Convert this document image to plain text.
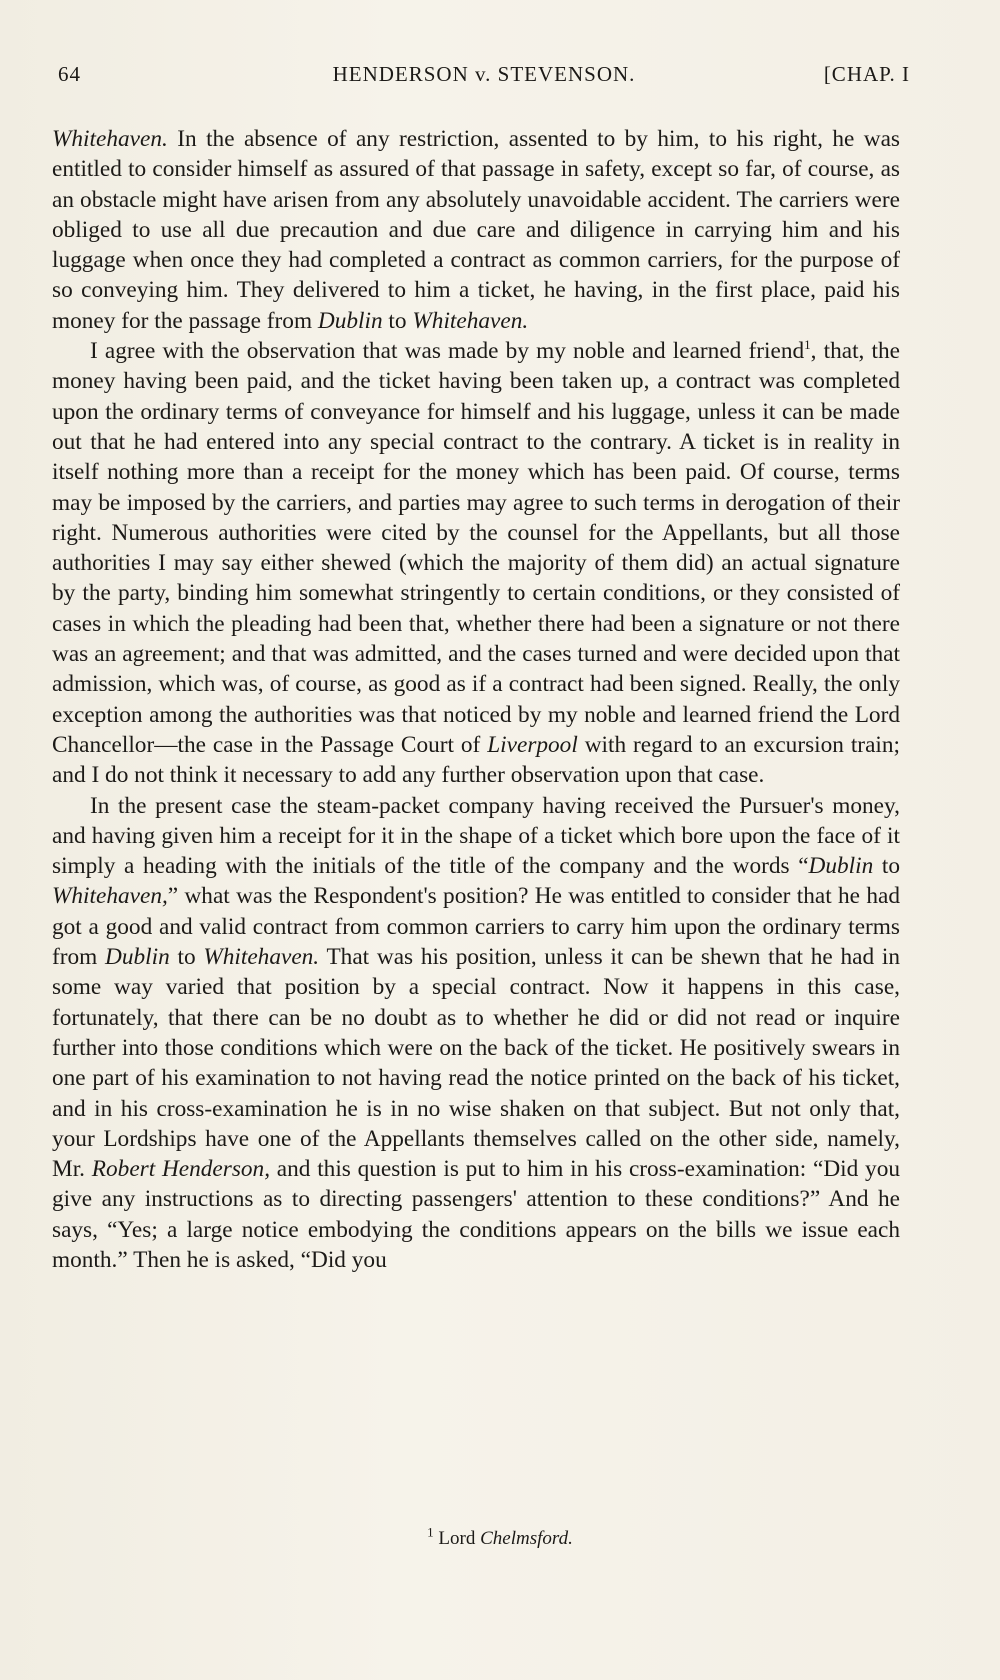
64	HENDERSON v. STEVENSON.	[CHAP. I

Whitehaven. In the absence of any restriction, assented to by him, to his right, he was entitled to consider himself as assured of that passage in safety, except so far, of course, as an obstacle might have arisen from any absolutely unavoidable accident. The carriers were obliged to use all due precaution and due care and diligence in carrying him and his luggage when once they had completed a contract as common carriers, for the purpose of so conveying him. They delivered to him a ticket, he having, in the first place, paid his money for the passage from Dublin to Whitehaven.

I agree with the observation that was made by my noble and learned friend$^1$, that, the money having been paid, and the ticket having been taken up, a contract was completed upon the ordinary terms of conveyance for himself and his luggage, unless it can be made out that he had entered into any special contract to the contrary. A ticket is in reality in itself nothing more than a receipt for the money which has been paid. Of course, terms may be imposed by the carriers, and parties may agree to such terms in derogation of their right. Numerous authorities were cited by the counsel for the Appellants, but all those authorities I may say either shewed (which the majority of them did) an actual signature by the party, binding him somewhat stringently to certain conditions, or they consisted of cases in which the pleading had been that, whether there had been a signature or not there was an agreement; and that was admitted, and the cases turned and were decided upon that admission, which was, of course, as good as if a contract had been signed. Really, the only exception among the authorities was that noticed by my noble and learned friend the Lord Chancellor—the case in the Passage Court of Liverpool with regard to an excursion train; and I do not think it necessary to add any further observation upon that case.

In the present case the steam-packet company having received the Pursuer's money, and having given him a receipt for it in the shape of a ticket which bore upon the face of it simply a heading with the initials of the title of the company and the words “Dublin to Whitehaven,” what was the Respondent's position? He was entitled to consider that he had got a good and valid contract from common carriers to carry him upon the ordinary terms from Dublin to Whitehaven. That was his position, unless it can be shewn that he had in some way varied that position by a special contract. Now it happens in this case, fortunately, that there can be no doubt as to whether he did or did not read or inquire further into those conditions which were on the back of the ticket. He positively swears in one part of his examination to not having read the notice printed on the back of his ticket, and in his cross-examination he is in no wise shaken on that subject. But not only that, your Lordships have one of the Appellants themselves called on the other side, namely, Mr. Robert Henderson, and this question is put to him in his cross-examination: “Did you give any instructions as to directing passengers' attention to these conditions?” And he says, “Yes; a large notice embodying the conditions appears on the bills we issue each month.” Then he is asked, “Did you

$^1$ Lord Chelmsford.
